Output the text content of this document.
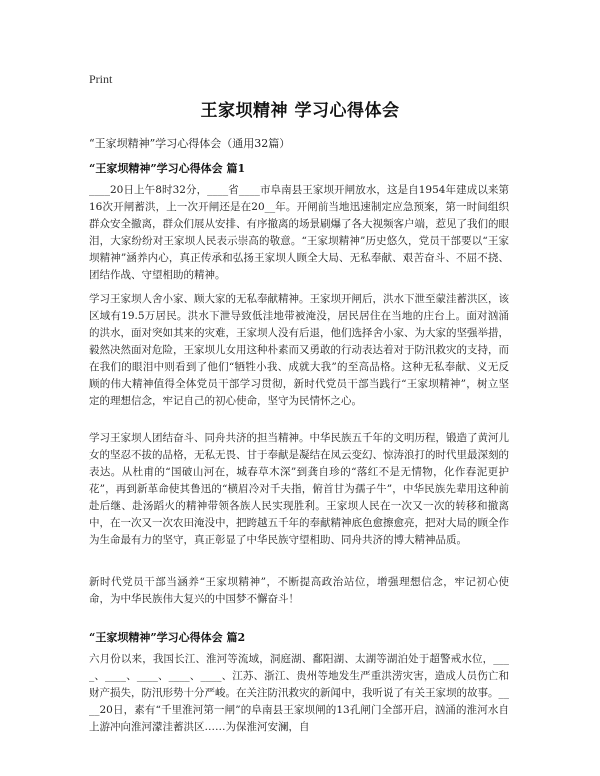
Print
王家坝精神 学习心得体会
“王家坝精神”学习心得体会（通用32篇）
“王家坝精神”学习心得体会 篇1
____20日上午8时32分，____省____市阜南县王家坝开闸放水，这是自1954年建成以来第16次开闸蓄洪，上一次开闸还是在20__年。开闸前当地迅速制定应急预案，第一时间组织群众安全撤离，群众们展从安排、有序撤离的场景刷爆了各大视频客户端，惹见了我们的眼泪，大家纷纷对王家坝人民表示崇高的敬意。“王家坝精神”历史悠久，党员干部要以“王家坝精神”涵养内心，真正传承和弘扬王家坝人顾全大局、无私奉献、艰苦奋斗、不屈不挠、团结作战、守望相助的精神。
学习王家坝人舍小家、顾大家的无私奉献精神。王家坝开闸后，洪水下泄至蒙洼蓄洪区，该区域有19.5万居民。洪水下泄导致低洼地带被淹没，居民居住在当地的庄台上。面对汹涌的洪水，面对突如其来的灾难，王家坝人没有后退，他们选择舍小家、为大家的坚强举措，毅然决然面对危险，王家坝儿女用这种朴素而又勇敢的行动表达着对于防汛救灾的支持，而在我们的眼泪中则看到了他们“牺牲小我、成就大我”的至高品格。这种无私奉献、义无反顾的伟大精神值得全体党员干部学习贯彻，新时代党员干部当践行“王家坝精神”，树立坚定的理想信念，牢记自己的初心使命，坚守为民情怀之心。
学习王家坝人团结奋斗、同舟共济的担当精神。中华民族五千年的文明历程，锻造了黄河儿女的坚忍不拔的品格，无私无畏、甘于奉献是凝结在凤云变幻、惊涛浪打的时代里最深刻的表达。从杜甫的“国破山河在，城春草木深”到龚自珍的“落红不是无情物，化作春泥更护花”，再到新革命使其鲁迅的“横眉冷对千夫指，俯首甘为孺子牛”，中华民族先辈用这种前赴后继、赴汤蹈火的精神带领各族人民实现胜利。王家坝人民在一次又一次的转移和撤离中，在一次又一次农田淹没中，把跨越五千年的奉献精神底色愈擦愈亮，把对大局的顾全作为生命最有力的坚守，真正彰显了中华民族守望相助、同舟共济的博大精神品质。
新时代党员干部当涵养“王家坝精神”，不断提高政治站位，增强理想信念，牢记初心使命，为中华民族伟大复兴的中国梦不懈奋斗！
“王家坝精神”学习心得体会 篇2
六月份以来，我国长江、淮河等流域，洞庭湖、鄱阳湖、太湖等湖泊处于超警戒水位，____、____、____、____、____、江苏、浙江、贵州等地发生严重洪涝灾害，造成人员伤亡和财产损失，防汛形势十分严峻。在关注防汛救灾的新闻中，我听说了有关王家坝的故事。____20日，素有“千里淮河第一闸”的阜南县王家坝闸的13孔闸门全部开启，汹涌的淮河水自上游冲向淮河濛洼蓄洪区……为保淮河安澜，自
